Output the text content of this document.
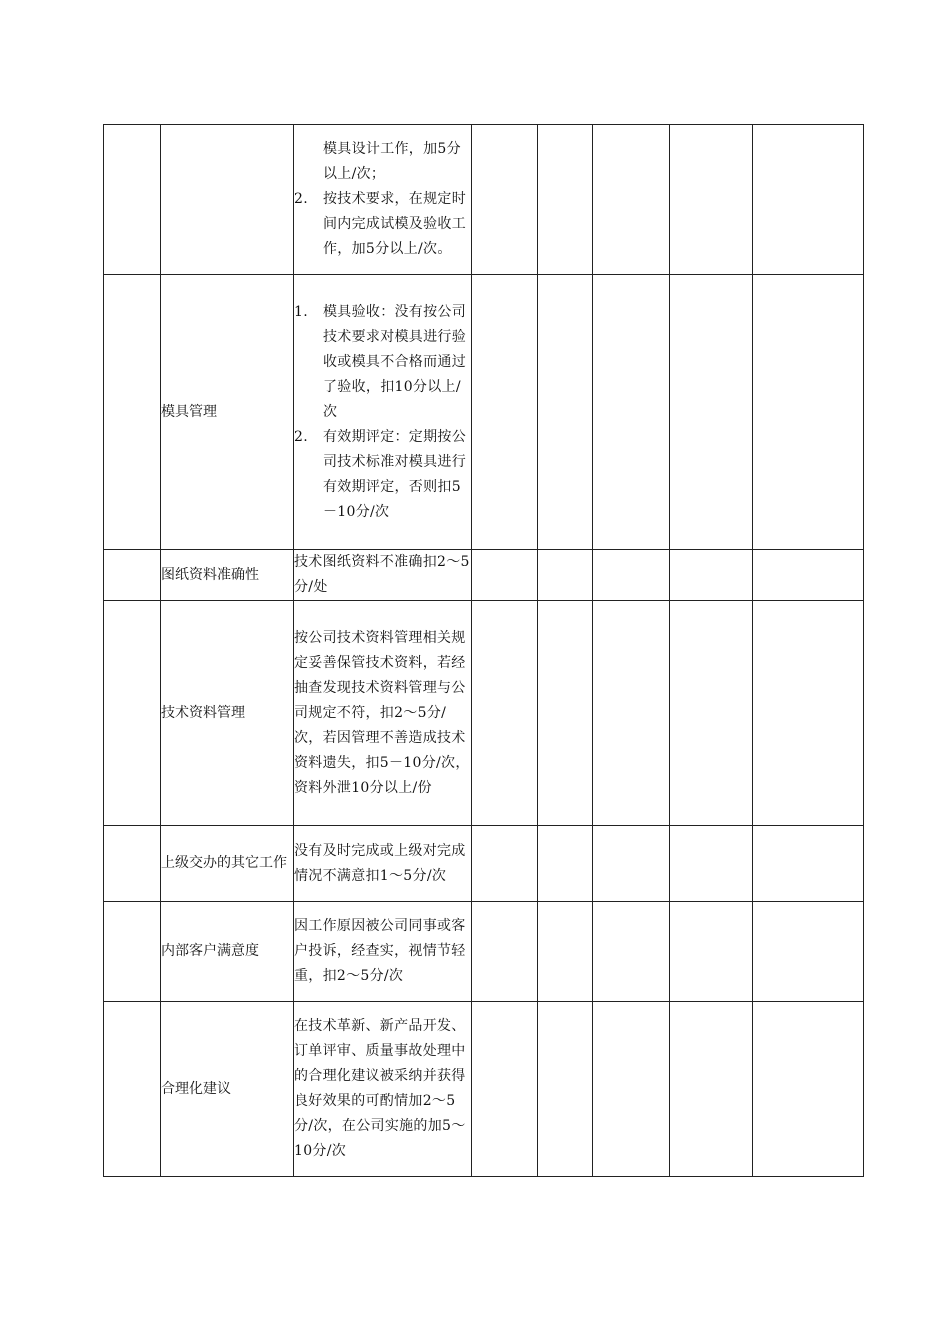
		模具设计工作，加5分以上/次；
2. 按技术要求，在规定时间内完成试模及验收工作，加5分以上/次。					

	模具管理	1. 模具验收：没有按公司技术要求对模具进行验收或模具不合格而通过了验收，扣10分以上/次
2. 有效期评定：定期按公司技术标准对模具进行有效期评定，否则扣5－10分/次					

	图纸资料准确性	技术图纸资料不准确扣2～5分/处					
	技术资料管理	按公司技术资料管理相关规定妥善保管技术资料，若经抽查发现技术资料管理与公司规定不符，扣2～5分/次，若因管理不善造成技术资料遗失，扣5－10分/次，资料外泄10分以上/份					
	上级交办的其它工作	没有及时完成或上级对完成情况不满意扣1～5分/次					
	内部客户满意度	因工作原因被公司同事或客户投诉，经查实，视情节轻重，扣2～5分/次					
	合理化建议	在技术革新、新产品开发、订单评审、质量事故处理中的合理化建议被采纳并获得良好效果的可酌情加2～5分/次，在公司实施的加5～10分/次					
